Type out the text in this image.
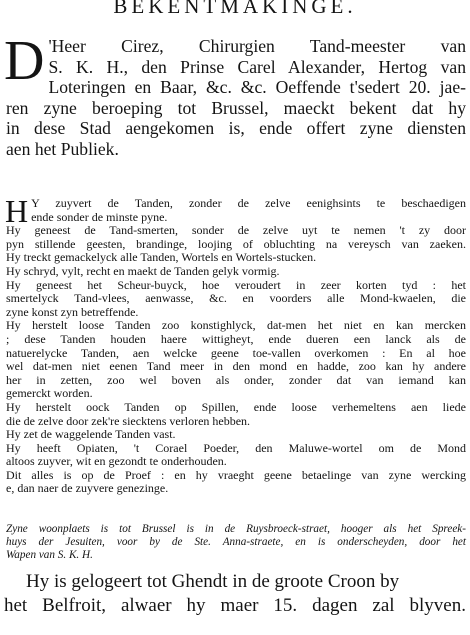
BEKENTMAKINGE.
D 'Heer Cirez, Chirurgien Tand-meester van
S. K. H., den Prinse Carel Alexander, Hertog van
Loteringen en Baar, &c. &c. Oeffende t'sedert 20. jae-
ren zyne beroeping tot Brussel, maeckt bekent dat hy
in dese Stad aengekomen is, ende offert zyne diensten
aen het Publiek.
H Y zuyvert de Tanden, zonder de zelve eenighsints te beschaedigen
ende sonder de minste pyne.
Hy geneest de Tand-smerten, sonder de zelve uyt te nemen 't zy door
pyn stillende geesten, brandinge, loojing of obluchting na vereysch van zaeken.
Hy treckt gemackelyck alle Tanden, Wortels en Wortels-stucken.
Hy schryd, vylt, recht en maekt de Tanden gelyk vormig.
Hy geneest het Scheur-buyck, hoe veroudert in zeer korten tyd : het
smertelyck Tand-vlees, aenwasse, &c. en voorders alle Mond-kwaelen, die
zyne konst zyn betreffende.
Hy herstelt loose Tanden zoo konstighlyck, dat-men het niet en kan mercken
; dese Tanden houden haere wittigheyt, ende dueren een lanck als de
natuerelycke Tanden, aen welcke geene toe-vallen overkomen : En al hoe
wel dat-men niet eenen Tand meer in den mond en hadde, zoo kan hy andere
her in zetten, zoo wel boven als onder, zonder dat van iemand kan
gemerckt worden.
Hy herstelt oock Tanden op Spillen, ende loose verhemeltens aen liede
die de zelve door zek're siecktens verloren hebben.
Hy zet de waggelende Tanden vast.
Hy heeft Opiaten, 't Corael Poeder, den Maluwe-wortel om de Mond
altoos zuyver, wit en gezondt te onderhouden.
Dit alles is op de Proef : en hy vraeght geene betaelinge van zyne wercking
e, dan naer de zuyvere genezinge.
Zyne woonplaets is tot Brussel is in de Ruysbroeck-straet, hooger als het Spreek-
huys der Jesuiten, voor by de Ste. Anna-straete, en is onderscheyden, door het
Wapen van S. K. H.
Hy is gelogeert tot Ghendt in de groote Croon by
het Belfroit, alwaer hy maer 15. dagen zal blyven.
